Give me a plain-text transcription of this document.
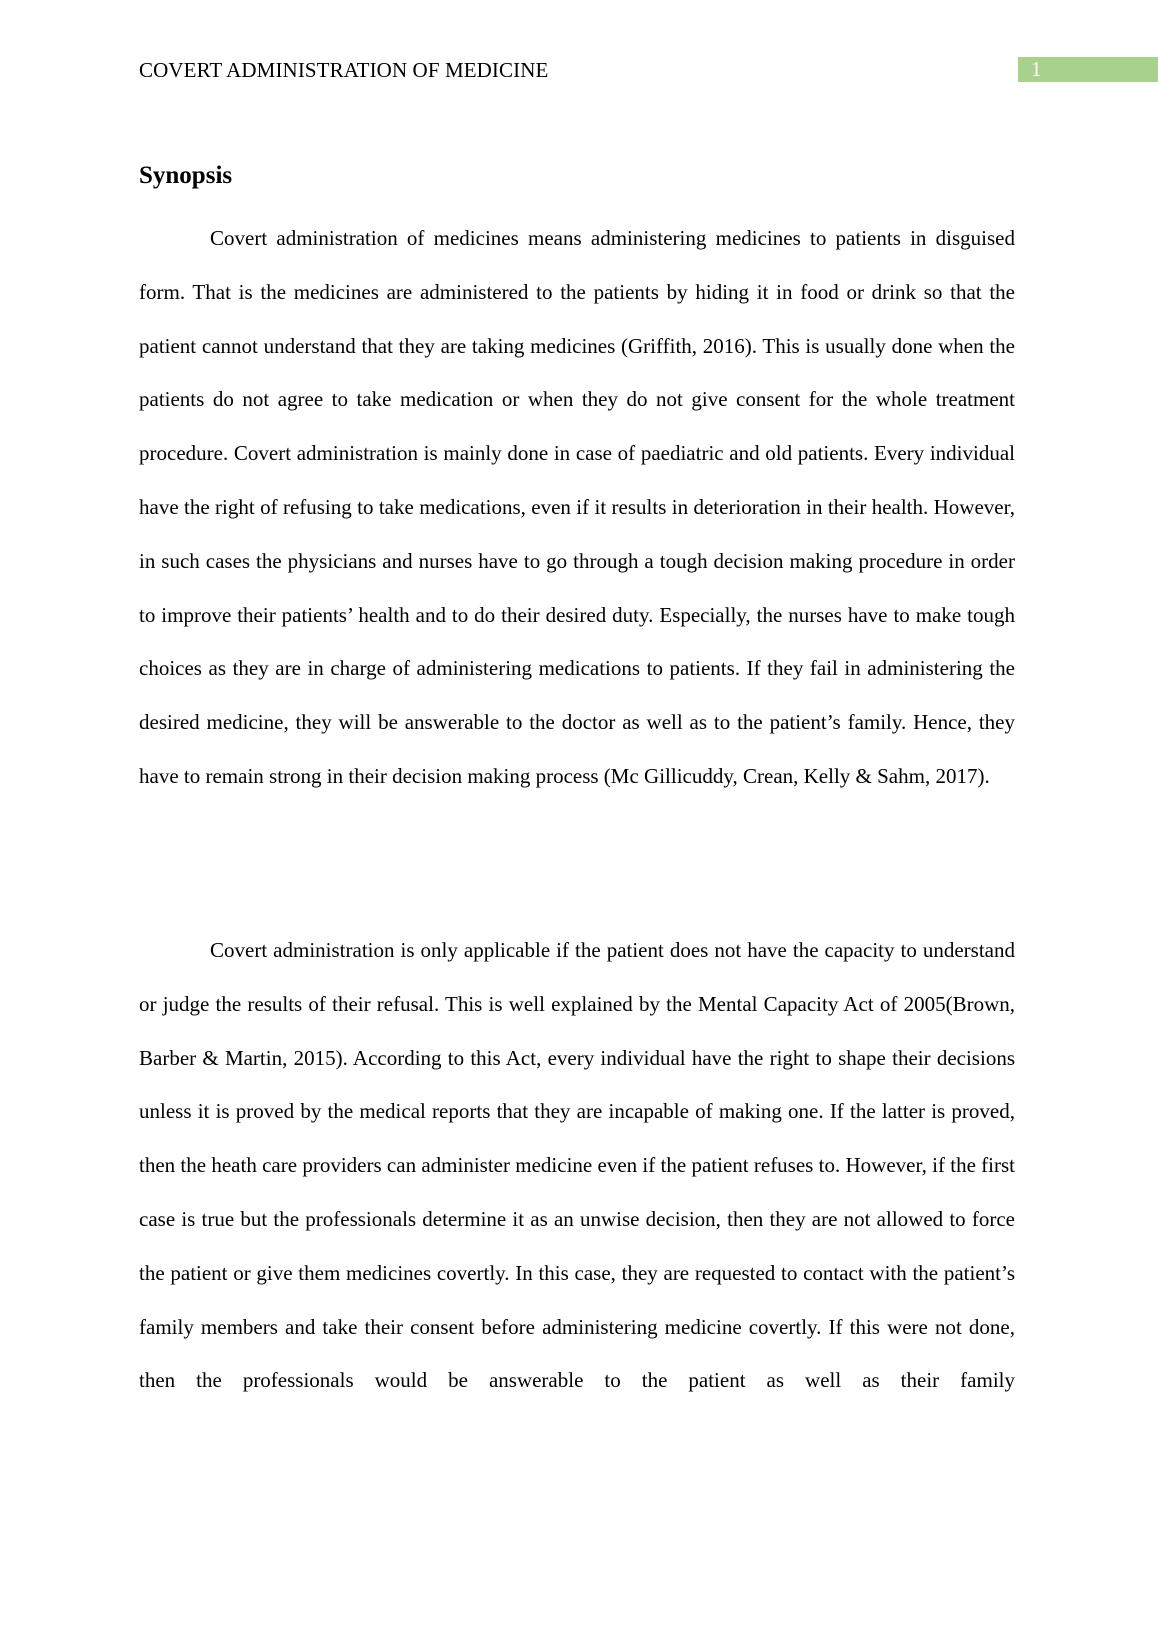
COVERT ADMINISTRATION OF MEDICINE	1
Synopsis

Covert administration of medicines means administering medicines to patients in disguised form. That is the medicines are administered to the patients by hiding it in food or drink so that the patient cannot understand that they are taking medicines (Griffith, 2016). This is usually done when the patients do not agree to take medication or when they do not give consent for the whole treatment procedure. Covert administration is mainly done in case of paediatric and old patients. Every individual have the right of refusing to take medications, even if it results in deterioration in their health. However, in such cases the physicians and nurses have to go through a tough decision making procedure in order to improve their patients’ health and to do their desired duty. Especially, the nurses have to make tough choices as they are in charge of administering medications to patients. If they fail in administering the desired medicine, they will be answerable to the doctor as well as to the patient’s family. Hence, they have to remain strong in their decision making process (Mc Gillicuddy, Crean, Kelly & Sahm, 2017).

Covert administration is only applicable if the patient does not have the capacity to understand or judge the results of their refusal. This is well explained by the Mental Capacity Act of 2005(Brown, Barber & Martin, 2015). According to this Act, every individual have the right to shape their decisions unless it is proved by the medical reports that they are incapable of making one. If the latter is proved, then the heath care providers can administer medicine even if the patient refuses to. However, if the first case is true but the professionals determine it as an unwise decision, then they are not allowed to force the patient or give them medicines covertly. In this case, they are requested to contact with the patient’s family members and take their consent before administering medicine covertly. If this were not done, then the professionals would be answerable to the patient as well as their family
